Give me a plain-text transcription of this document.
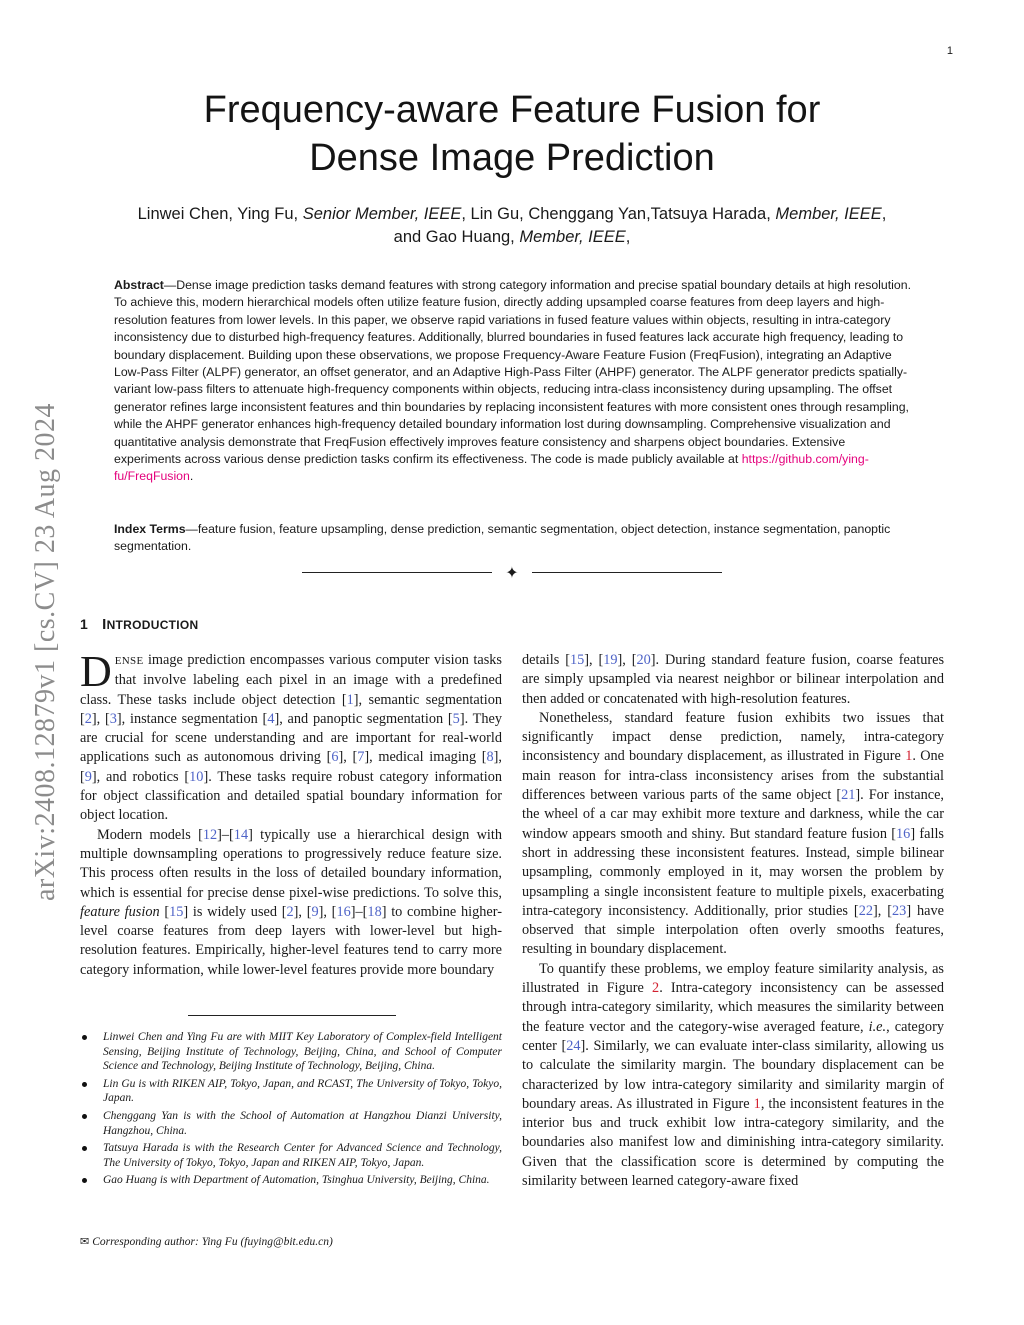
1
arXiv:2408.12879v1 [cs.CV] 23 Aug 2024
Frequency-aware Feature Fusion for
Dense Image Prediction
Linwei Chen, Ying Fu, Senior Member, IEEE, Lin Gu, Chenggang Yan,Tatsuya Harada, Member, IEEE,
and Gao Huang, Member, IEEE,
Abstract—Dense image prediction tasks demand features with strong category information and precise spatial boundary details at high resolution. To achieve this, modern hierarchical models often utilize feature fusion, directly adding upsampled coarse features from deep layers and high-resolution features from lower levels. In this paper, we observe rapid variations in fused feature values within objects, resulting in intra-category inconsistency due to disturbed high-frequency features. Additionally, blurred boundaries in fused features lack accurate high frequency, leading to boundary displacement. Building upon these observations, we propose Frequency-Aware Feature Fusion (FreqFusion), integrating an Adaptive Low-Pass Filter (ALPF) generator, an offset generator, and an Adaptive High-Pass Filter (AHPF) generator. The ALPF generator predicts spatially-variant low-pass filters to attenuate high-frequency components within objects, reducing intra-class inconsistency during upsampling. The offset generator refines large inconsistent features and thin boundaries by replacing inconsistent features with more consistent ones through resampling, while the AHPF generator enhances high-frequency detailed boundary information lost during downsampling. Comprehensive visualization and quantitative analysis demonstrate that FreqFusion effectively improves feature consistency and sharpens object boundaries. Extensive experiments across various dense prediction tasks confirm its effectiveness. The code is made publicly available at https://github.com/ying-fu/FreqFusion.
Index Terms—feature fusion, feature upsampling, dense prediction, semantic segmentation, object detection, instance segmentation, panoptic segmentation.
✦
1 INTRODUCTION

DENSE image prediction encompasses various computer vision tasks that involve labeling each pixel in an image with a predefined class. These tasks include object detection [1], semantic segmentation [2], [3], instance segmentation [4], and panoptic segmentation [5]. They are crucial for scene understanding and are important for real-world applications such as autonomous driving [6], [7], medical imaging [8], [9], and robotics [10]. These tasks require robust category information for object classification and detailed spatial boundary information for object location.

Modern models [12]–[14] typically use a hierarchical design with multiple downsampling operations to progressively reduce feature size. This process often results in the loss of detailed boundary information, which is essential for precise dense pixel-wise predictions. To solve this, feature fusion [15] is widely used [2], [9], [16]–[18] to combine higher-level coarse features from deep layers with lower-level but high-resolution features. Empirically, higher-level features tend to carry more category information, while lower-level features provide more boundary

details [15], [19], [20]. During standard feature fusion, coarse features are simply upsampled via nearest neighbor or bilinear interpolation and then added or concatenated with high-resolution features.

Nonetheless, standard feature fusion exhibits two issues that significantly impact dense prediction, namely, intra-category inconsistency and boundary displacement, as illustrated in Figure 1. One main reason for intra-class inconsistency arises from the substantial differences between various parts of the same object [21]. For instance, the wheel of a car may exhibit more texture and darkness, while the car window appears smooth and shiny. But standard feature fusion [16] falls short in addressing these inconsistent features. Instead, simple bilinear upsampling, commonly employed in it, may worsen the problem by upsampling a single inconsistent feature to multiple pixels, exacerbating intra-category inconsistency. Additionally, prior studies [22], [23] have observed that simple interpolation often overly smooths features, resulting in boundary displacement.

To quantify these problems, we employ feature similarity analysis, as illustrated in Figure 2. Intra-category inconsistency can be assessed through intra-category similarity, which measures the similarity between the feature vector and the category-wise averaged feature, i.e., category center [24]. Similarly, we can evaluate inter-class similarity, allowing us to calculate the similarity margin. The boundary displacement can be characterized by low intra-category similarity and similarity margin of boundary areas. As illustrated in Figure 1, the inconsistent features in the interior bus and truck exhibit low intra-category similarity, and the boundaries also manifest low and diminishing intra-category similarity. Given that the classification score is determined by computing the similarity between learned category-aware fixed

Linwei Chen and Ying Fu are with MIIT Key Laboratory of Complex-field Intelligent Sensing, Beijing Institute of Technology, Beijing, China, and School of Computer Science and Technology, Beijing Institute of Technology, Beijing, China.
Lin Gu is with RIKEN AIP, Tokyo, Japan, and RCAST, The University of Tokyo, Tokyo, Japan.
Chenggang Yan is with the School of Automation at Hangzhou Dianzi University, Hangzhou, China.
Tatsuya Harada is with the Research Center for Advanced Science and Technology, The University of Tokyo, Tokyo, Japan and RIKEN AIP, Tokyo, Japan.
Gao Huang is with Department of Automation, Tsinghua University, Beijing, China.
✉ Corresponding author: Ying Fu (fuying@bit.edu.cn)
